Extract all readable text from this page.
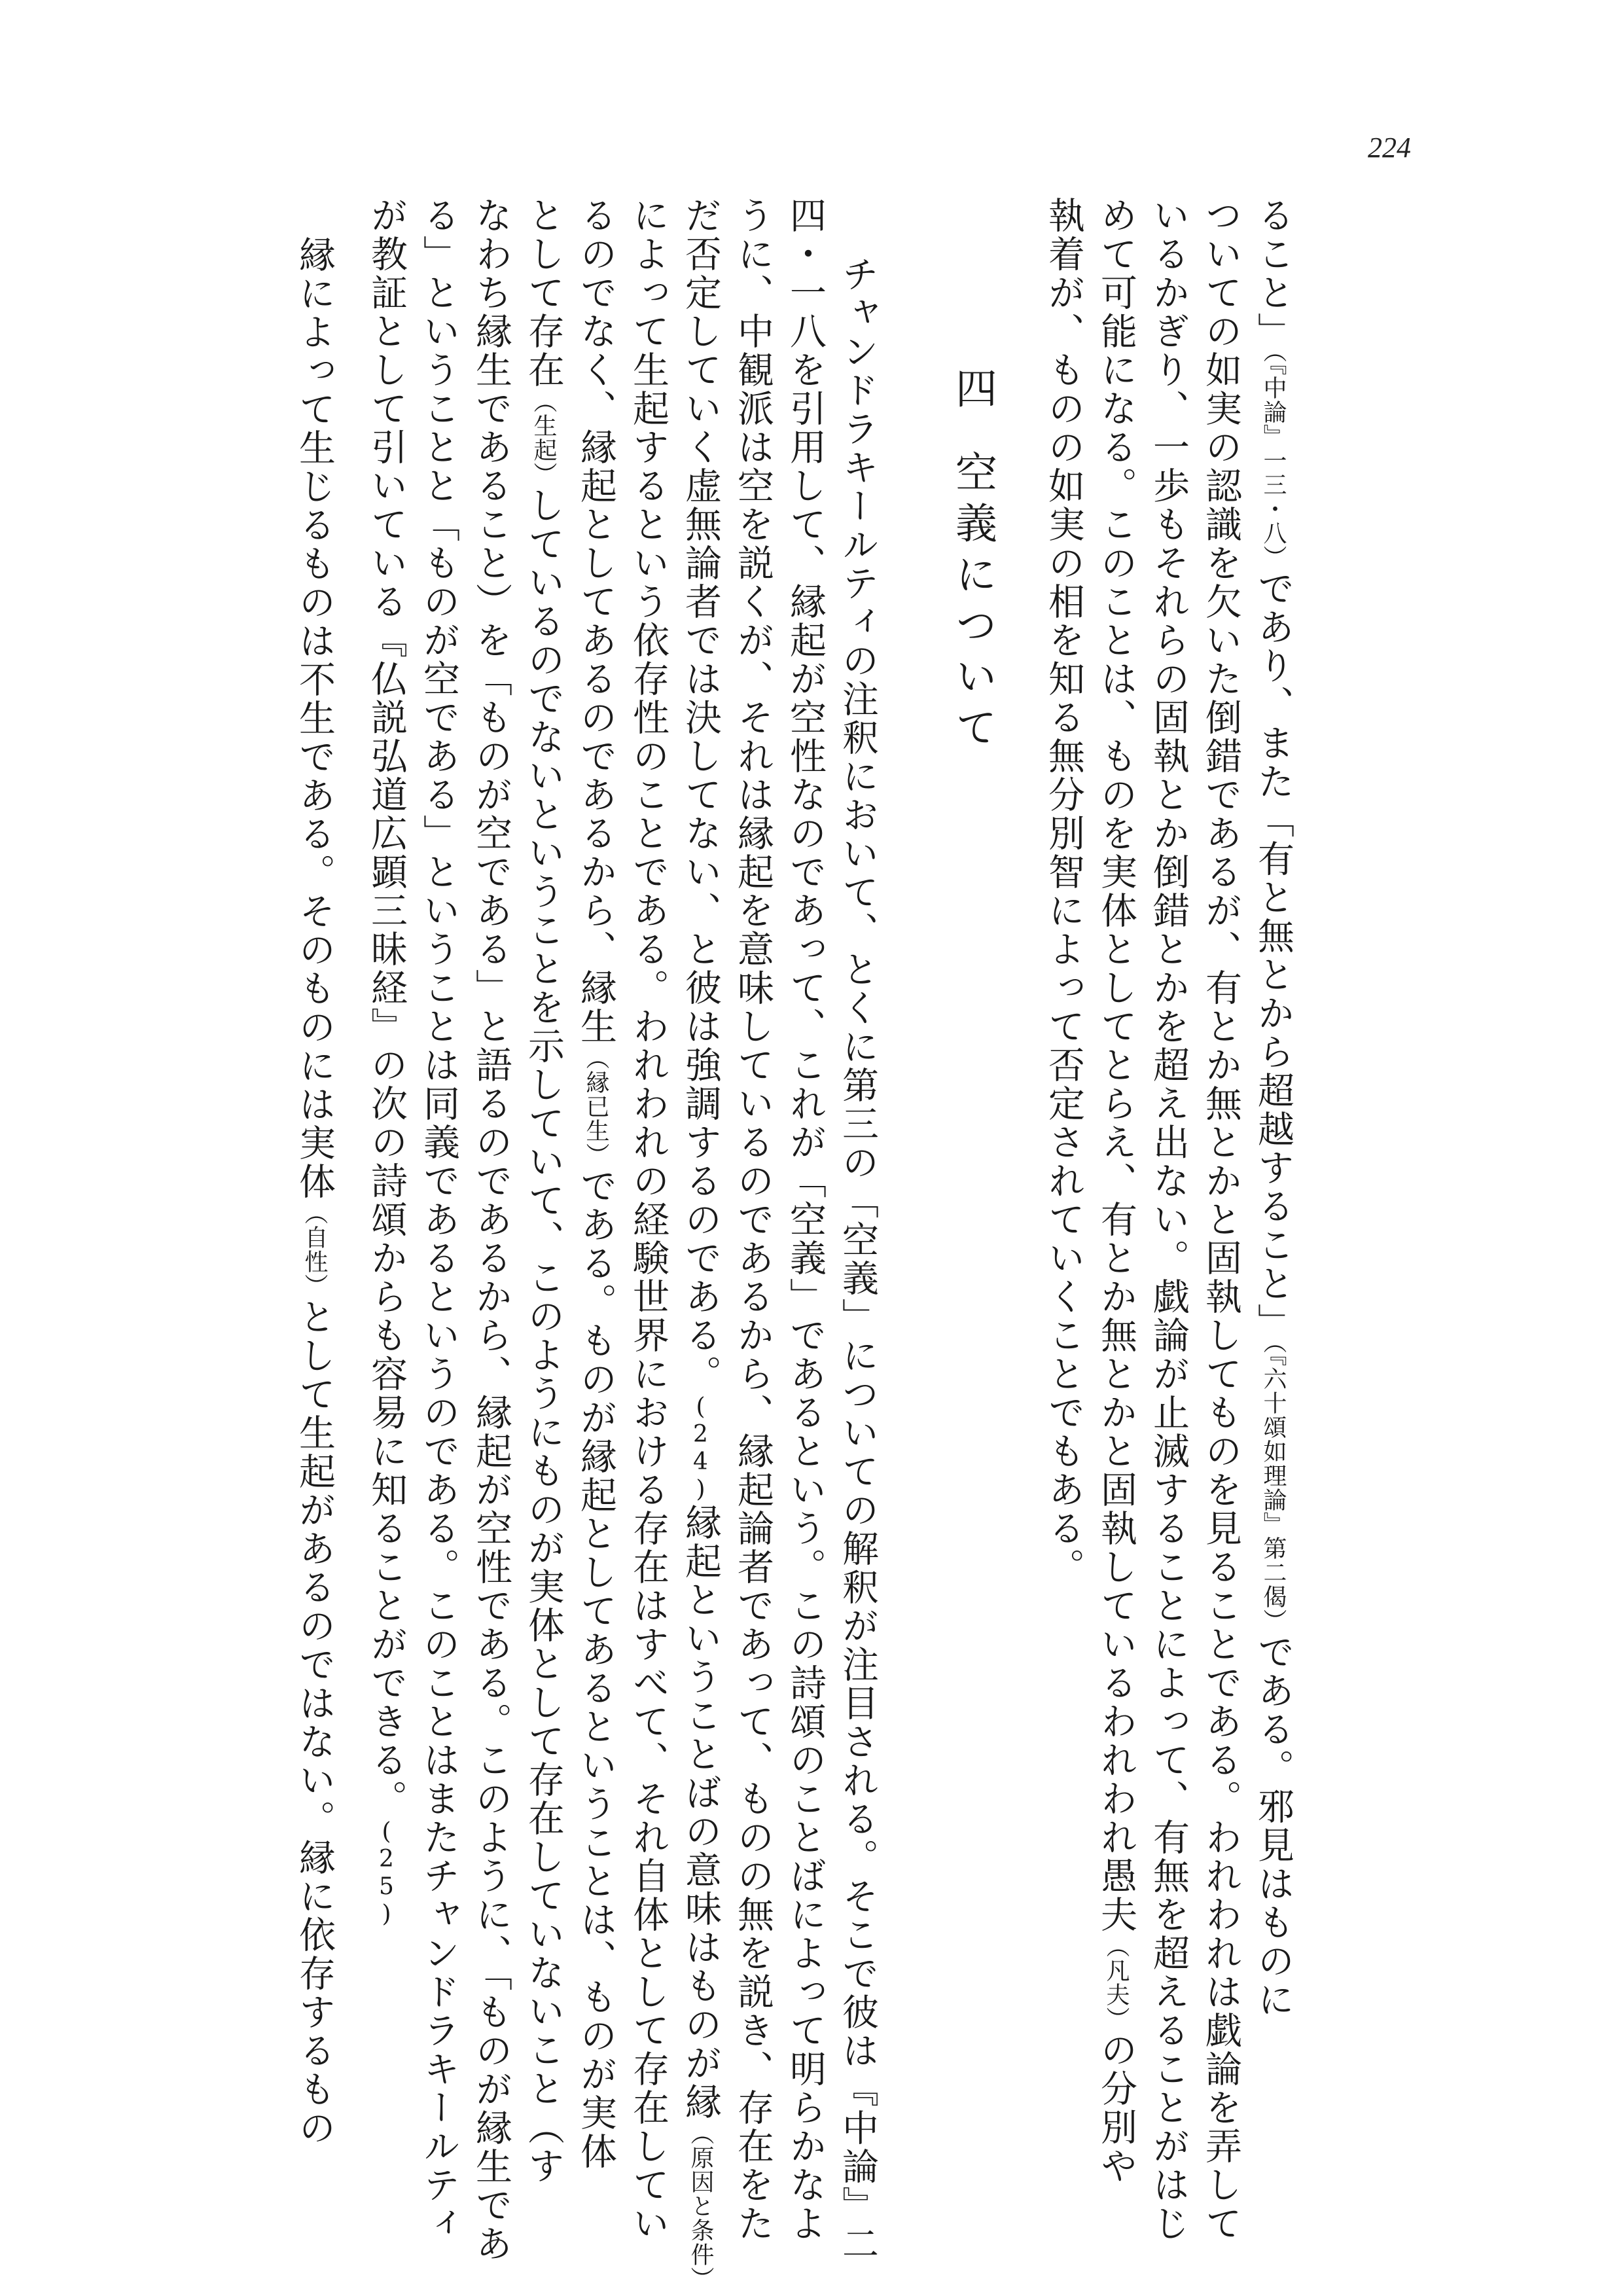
224
ること」（『中論』一三・八）であり、また「有と無とから超越すること」（『六十頌如理論』第二偈）である。邪見はものに
ついての如実の認識を欠いた倒錯であるが、有とか無とかと固執してものを見ることである。われわれは戯論を弄して
いるかぎり、一歩もそれらの固執とか倒錯とかを超え出ない。戯論が止滅することによって、有無を超えることがはじ
めて可能になる。このことは、ものを実体としてとらえ、有とか無とかと固執しているわれわれ愚夫（凡夫）の分別や
執着が、ものの如実の相を知る無分別智によって否定されていくことでもある。
四空義について
チャンドラキールティの注釈において、とくに第三の「空義」についての解釈が注目される。そこで彼は『中論』二
四・一八を引用して、縁起が空性なのであって、これが「空義」であるという。この詩頌のことばによって明らかなよ
うに、中観派は空を説くが、それは縁起を意味しているのであるから、縁起論者であって、ものの無を説き、存在をた
だ否定していく虚無論者では決してない、と彼は強調するのである。(24)縁起ということばの意味はものが縁（原因と条件）
によって生起するという依存性のことである。われわれの経験世界における存在はすべて、それ自体として存在してい
るのでなく、縁起としてあるのであるから、縁生（縁已生）である。ものが縁起としてあるということは、ものが実体
として存在（生起）しているのでないということを示していて、このようにものが実体として存在していないこと（す
なわち縁生であること）を「ものが空である」と語るのであるから、縁起が空性である。このように、「ものが縁生であ
る」ということと「ものが空である」ということは同義であるというのである。このことはまたチャンドラキールティ
が教証として引いている『仏説弘道広顕三昧経』の次の詩頌からも容易に知ることができる。(25)
縁によって生じるものは不生である。そのものには実体（自性）として生起があるのではない。縁に依存するもの
